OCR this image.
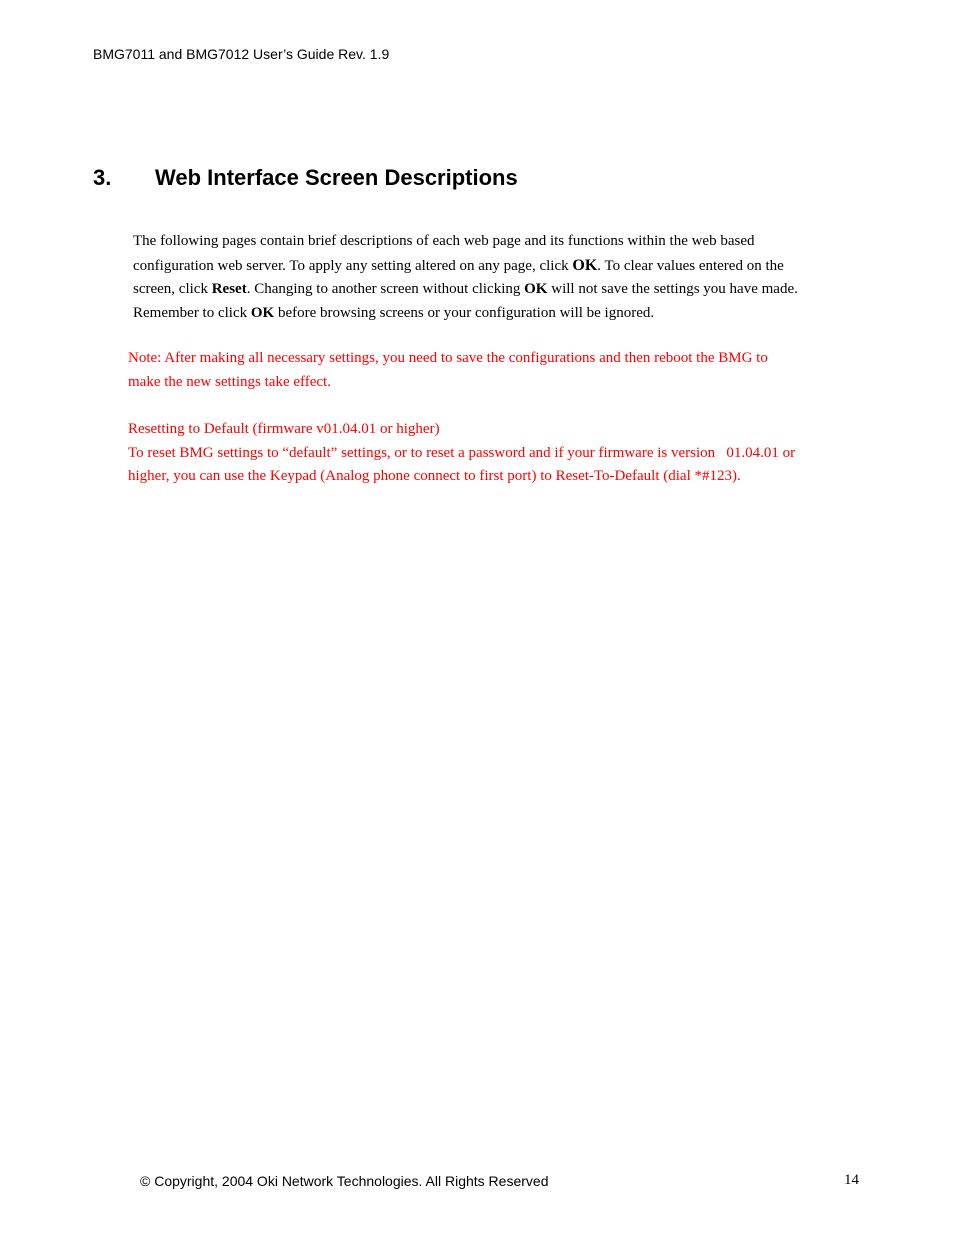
BMG7011 and BMG7012 User’s Guide Rev. 1.9
3. Web Interface Screen Descriptions
The following pages contain brief descriptions of each web page and its functions within the web based
configuration web server. To apply any setting altered on any page, click OK. To clear values entered on the
screen, click Reset. Changing to another screen without clicking OK will not save the settings you have made.
Remember to click OK before browsing screens or your configuration will be ignored.
Note: After making all necessary settings, you need to save the configurations and then reboot the BMG to
make the new settings take effect.
Resetting to Default (firmware v01.04.01 or higher)
To reset BMG settings to “default” settings, or to reset a password and if your firmware is version   01.04.01 or
higher, you can use the Keypad (Analog phone connect to first port) to Reset-To-Default (dial *#123).
© Copyright, 2004 Oki Network Technologies. All Rights Reserved	14
